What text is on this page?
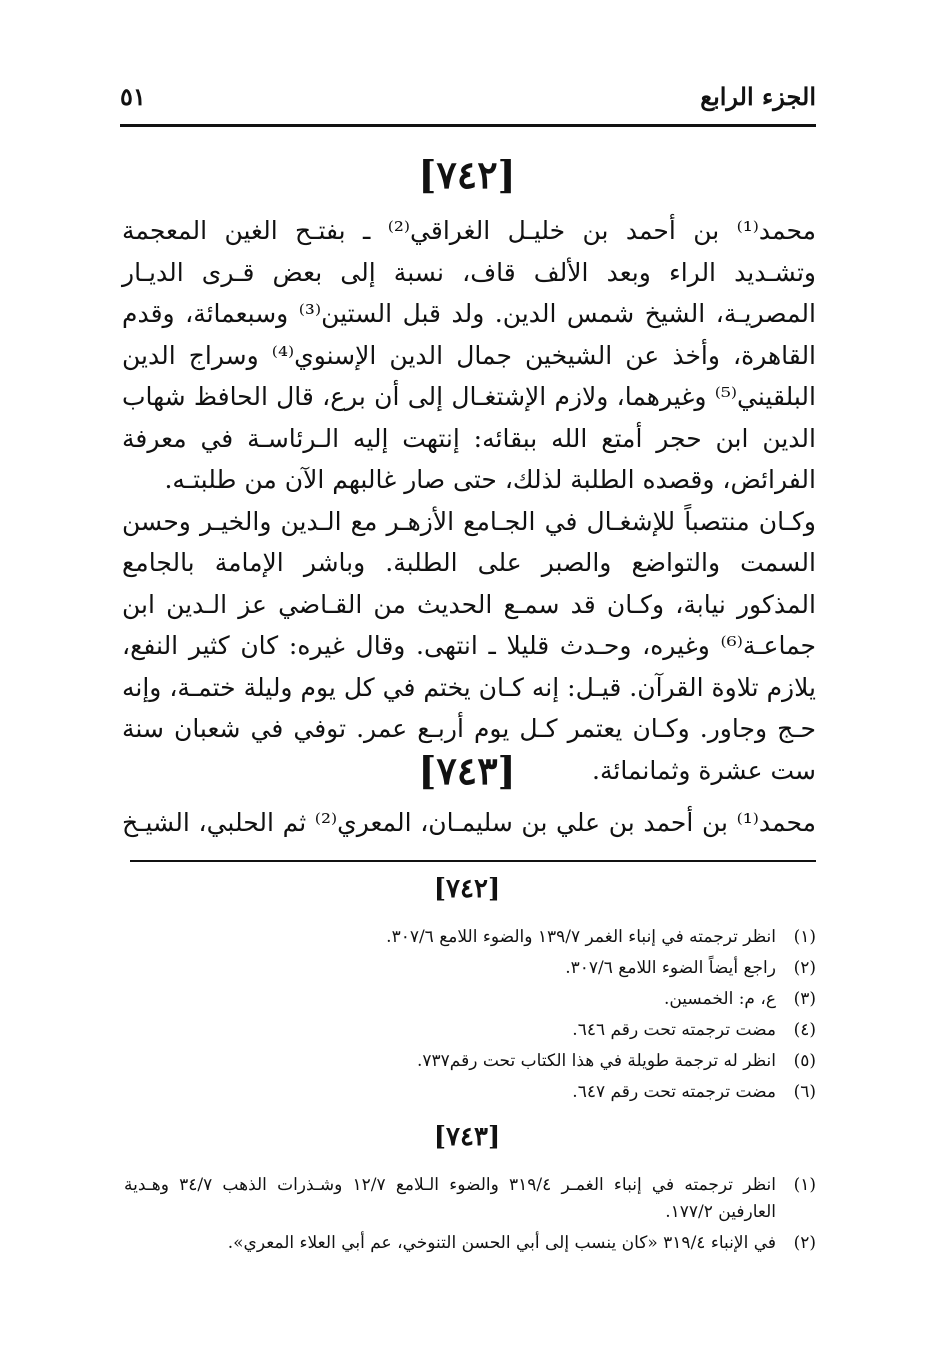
الجزء الرابع
٥١
[٧٤٢]

محمد⁽¹⁾ بن أحمد بن خليـل الغراقي⁽²⁾ ـ بفتـح الغين المعجمة وتشـديد الراء وبعد الألف قاف، نسبة إلى بعض قـرى الديـار المصريـة، الشيخ شمس الدين. ولد قبل الستين⁽³⁾ وسبعمائة، وقدم القاهرة، وأخذ عن الشيخين جمال الدين الإسنوي⁽⁴⁾ وسراج الدين البلقيني⁽⁵⁾ وغيرهما، ولازم الإشتغـال إلى أن برع، قال الحافظ شهاب الدين ابن حجر أمتع الله ببقائه: إنتهت إليه الـرئاسـة في معرفة الفرائض، وقصده الطلبة لذلك، حتى صار غالبهم الآن من طلبتـه.

وكـان منتصباً للإشغـال في الجـامع الأزهـر مع الـدين والخيـر وحسن السمت والتواضع والصبر على الطلبة. وباشر الإمامة بالجامع المذكور نيابة، وكـان قد سمـع الحديث من القـاضي عز الـدين ابن جماعـة⁽⁶⁾ وغيره، وحـدث قليلا ـ انتهى. وقال غيره: كان كثير النفع، يلازم تلاوة القرآن. قيـل: إنه كـان يختم في كل يوم وليلة ختمـة، وإنه حـج وجاور. وكـان يعتمر كـل يوم أربـع عمر. توفي في شعبان سنة ست عشرة وثمانمائة.

[٧٤٣]
محمد⁽¹⁾ بن أحمد بن علي بن سليمـان، المعري⁽²⁾ ثم الحلبي، الشيـخ
[٧٤٢]
(١)
انظر ترجمته في إنباء الغمر ١٣٩/٧ والضوء اللامع ٣٠٧/٦.
(٢)
راجع أيضاً الضوء اللامع ٣٠٧/٦.
(٣)
ع، م: الخمسين.
(٤)
مضت ترجمته تحت رقم ٦٤٦.
(٥)
انظر له ترجمة طويلة في هذا الكتاب تحت رقم٧٣٧.
(٦)
مضت ترجمته تحت رقم ٦٤٧.
[٧٤٣]
(١)
انظر ترجمته في إنباء الغمـر ٣١٩/٤ والضوء الـلامع ١٢/٧ وشـذرات الذهب ٣٤/٧ وهـدية العارفين ١٧٧/٢.
(٢)
في الإنباء ٣١٩/٤ «كان ينسب إلى أبي الحسن التنوخي، عم أبي العلاء المعري».
